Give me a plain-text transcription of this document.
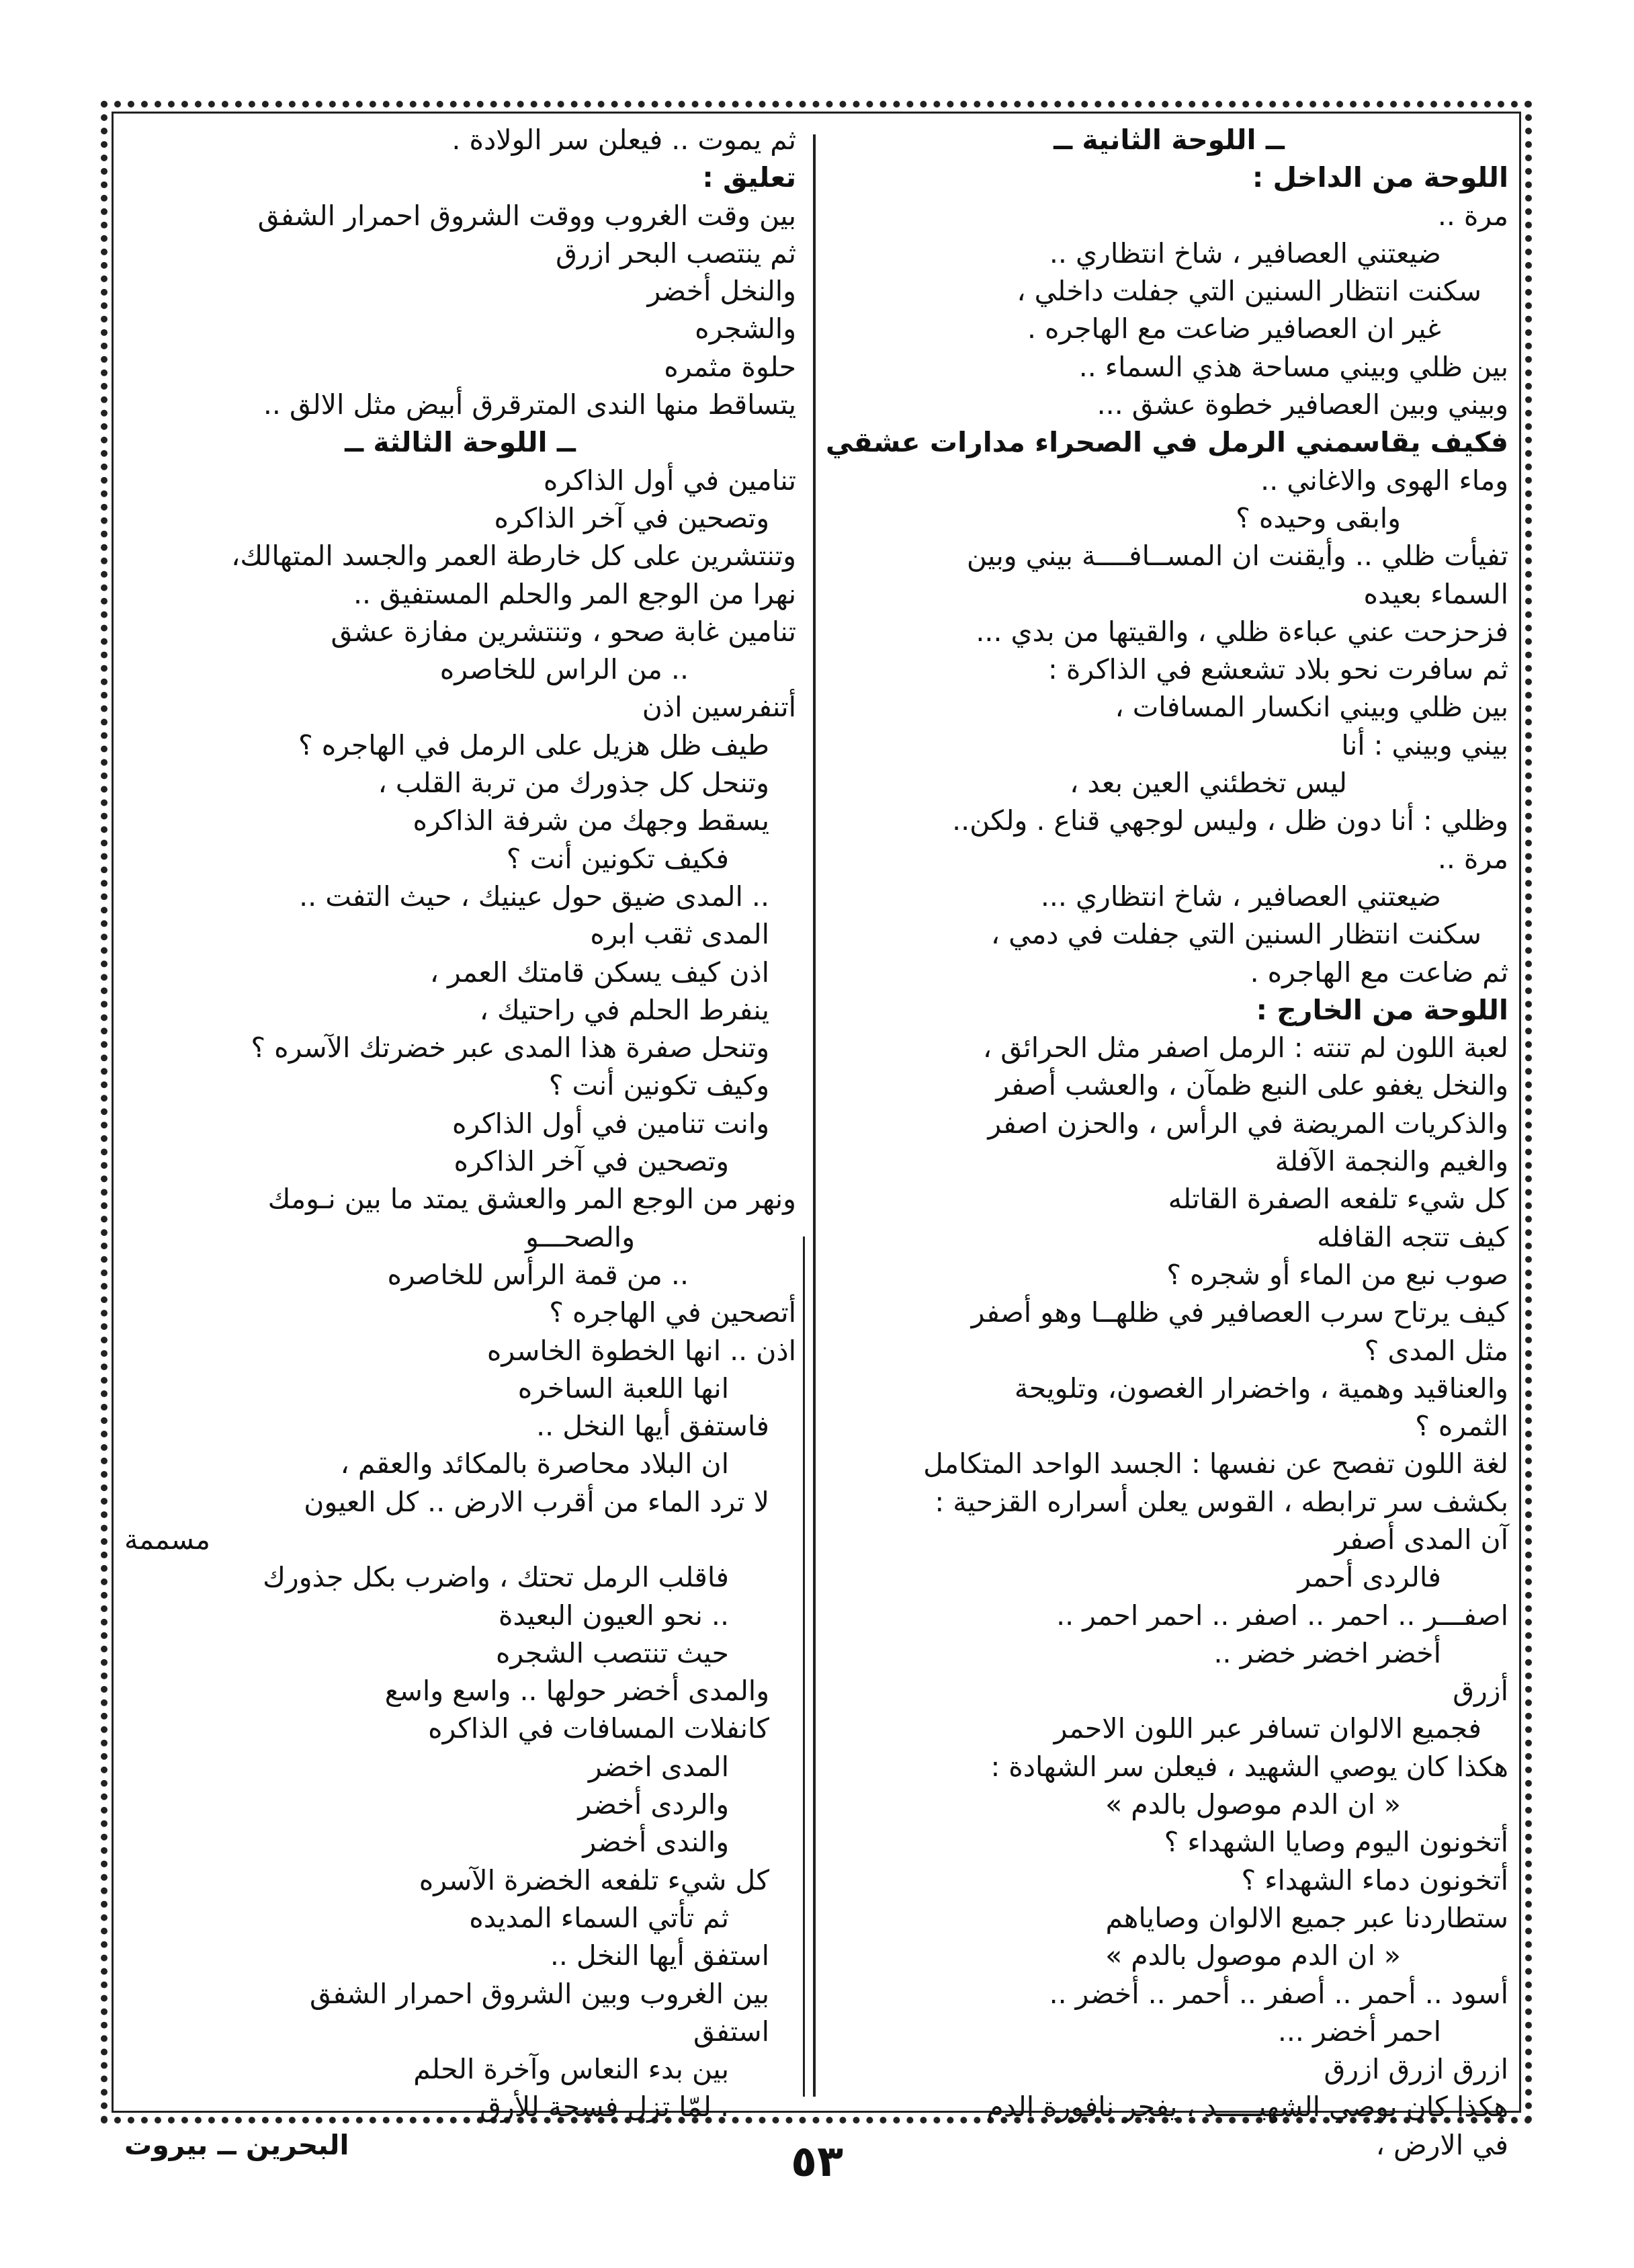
ــ اللوحة الثانية ــ
اللوحة من الداخل :
مرة ..
ضيعتني العصافير ، شاخ انتظاري ..
سكنت انتظار السنين التي جفلت داخلي ،
غير ان العصافير ضاعت مع الهاجره .
بين ظلي وبيني مساحة هذي السماء ..
وبيني وبين العصافير خطوة عشق ...
فكيف يقاسمني الرمل في الصحراء مدارات عشقي
وماء الهوى والاغاني ..
وابقى وحيده ؟
تفيأت ظلي .. وأيقنت ان المســافــــة بيني وبين
السماء بعيده
فزحزحت عني عباءة ظلي ، والقيتها من بدي ...
ثم سافرت نحو بلاد تشعشع في الذاكرة :
بين ظلي وبيني انكسار المسافات ،
بيني وبيني : أنا
ليس تخطئني العين بعد ،
وظلي : أنا دون ظل ، وليس لوجهي قناع . ولكن..
مرة ..
ضيعتني العصافير ، شاخ انتظاري ...
سكنت انتظار السنين التي جفلت في دمي ،
ثم ضاعت مع الهاجره .
اللوحة من الخارج :
لعبة اللون لم تنته : الرمل اصفر مثل الحرائق ،
والنخل يغفو على النبع ظمآن ، والعشب أصفر
والذكريات المريضة في الرأس ، والحزن اصفر
والغيم والنجمة الآفلة
كل شيء تلفعه الصفرة القاتله
كيف تتجه القافله
صوب نبع من الماء أو شجره ؟
كيف يرتاح سرب العصافير في ظلهــا وهو أصفر
مثل المدى ؟
والعناقيد وهمية ، واخضرار الغصون، وتلويحة
الثمره ؟
لغة اللون تفصح عن نفسها : الجسد الواحد المتكامل
بكشف سر ترابطه ، القوس يعلن أسراره القزحية :
آن المدى أصفر
فالردى أحمر
اصفـــر .. احمر .. اصفر .. احمر احمر ..
أخضر اخضر خضر ..
أزرق
فجميع الالوان تسافر عبر اللون الاحمر
هكذا كان يوصي الشهيد ، فيعلن سر الشهادة :
« ان الدم موصول بالدم »
أتخونون اليوم وصايا الشهداء ؟
أتخونون دماء الشهداء ؟
ستطاردنا عبر جميع الالوان وصاياهم
« ان الدم موصول بالدم »
أسود .. أحمر .. أصفر .. أحمر .. أخضر ..
احمر أخضر ...
ازرق ازرق ازرق
هكذا كان يوصي الشهيـــــد ، يفجر نافورة الدم
في الارض ،
ثم يموت .. فيعلن سر الولادة .
تعليق :
بين وقت الغروب ووقت الشروق احمرار الشفق
ثم ينتصب البحر ازرق
والنخل أخضر
والشجره
حلوة مثمره
يتساقط منها الندى المترقرق أبيض مثل الالق ..
ــ اللوحة الثالثة ــ
تنامين في أول الذاكره
وتصحين في آخر الذاكره
وتنتشرين على كل خارطة العمر والجسد المتهالك،
نهرا من الوجع المر والحلم المستفيق ..
تنامين غابة صحو ، وتنتشرين مفازة عشق
.. من الراس للخاصره
أتنفرسين اذن
طيف ظل هزيل على الرمل في الهاجره ؟
وتنحل كل جذورك من تربة القلب ،
يسقط وجهك من شرفة الذاكره
فكيف تكونين أنت ؟
.. المدى ضيق حول عينيك ، حيث التفت ..
المدى ثقب ابره
اذن كيف يسكن قامتك العمر ،
ينفرط الحلم في راحتيك ،
وتنحل صفرة هذا المدى عبر خضرتك الآسره ؟
وكيف تكونين أنت ؟
وانت تنامين في أول الذاكره
وتصحين في آخر الذاكره
ونهر من الوجع المر والعشق يمتد ما بين نـومك
والصحـــو
.. من قمة الرأس للخاصره
أتصحين في الهاجره ؟
اذن .. انها الخطوة الخاسره
انها اللعبة الساخره
فاستفق أيها النخل ..
ان البلاد محاصرة بالمكائد والعقم ،
لا ترد الماء من أقرب الارض .. كل العيون
مسممة
فاقلب الرمل تحتك ، واضرب بكل جذورك
.. نحو العيون البعيدة
حيث تنتصب الشجره
والمدى أخضر حولها .. واسع واسع
كانفلات المسافات في الذاكره
المدى اخضر
والردى أخضر
والندى أخضر
كل شيء تلفعه الخضرة الآسره
ثم تأتي السماء المديده
استفق أيها النخل ..
بين الغروب وبين الشروق احمرار الشفق
استفق
بين بدء النعاس وآخرة الحلم
. لمّا تزل فسحة للأرق
البحرين ــ بيروت	٥٣
